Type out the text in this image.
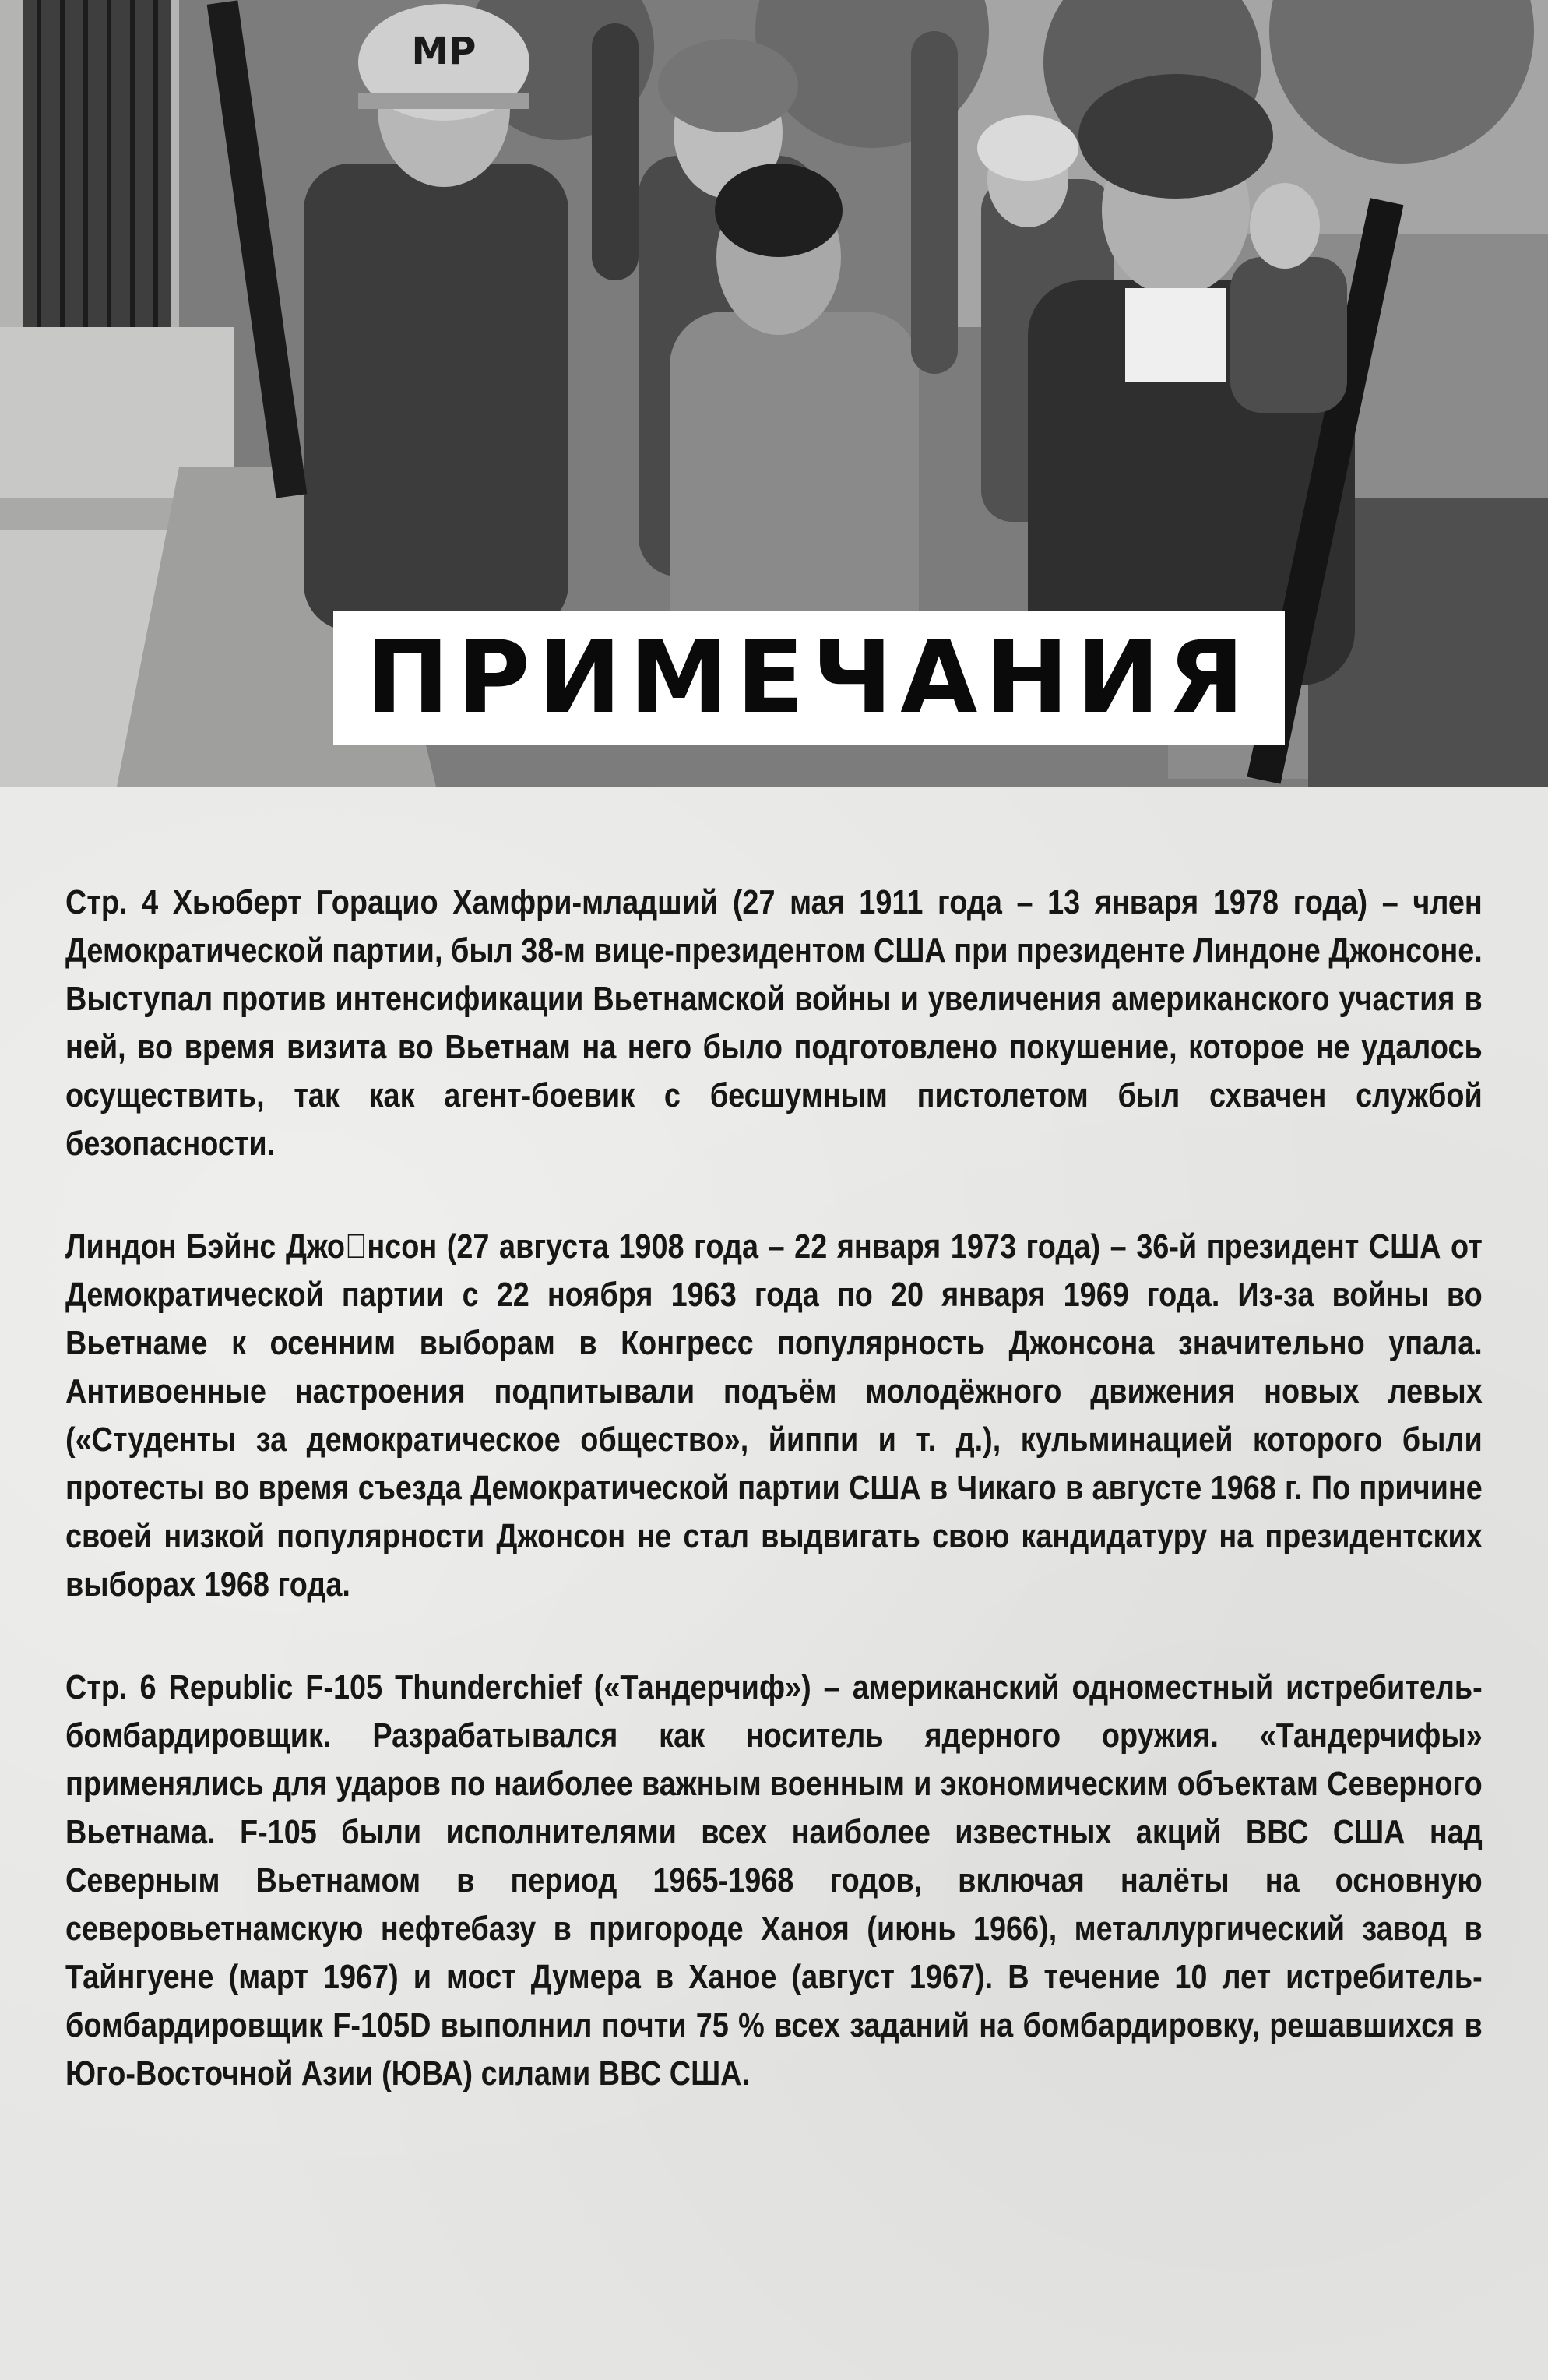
MP
ПРИМЕЧАНИЯ

Стр. 4 Хьюберт Горацио Хамфри-младший (27 мая 1911 года – 13 января 1978 года) – член Демократической партии, был 38-м вице-президентом США при президенте Линдоне Джонсоне. Выступал против интенсификации Вьетнамской войны и увеличения американского участия в ней, во время визита во Вьетнам на него было подготовлено покушение, которое не удалось осуществить, так как агент-боевик с бесшумным пистолетом был схвачен службой безопасности.

Линдон Бэйнс Джо нсон (27 августа 1908 года – 22 января 1973 года) – 36-й президент США от Демократической партии с 22 ноября 1963 года по 20 января 1969 года. Из-за войны во Вьетнаме к осенним выборам в Конгресс популярность Джонсона значительно упала. Антивоенные настроения подпитывали подъём молодёжного движения новых левых («Студенты за демократическое общество», йиппи и т. д.), кульминацией которого были протесты во время съезда Демократической партии США в Чикаго в августе 1968 г. По причине своей низкой популярности Джонсон не стал выдвигать свою кандидатуру на президентских выборах 1968 года.

Стр. 6 Republic F-105 Thunderchief («Тандерчиф») – американский одноместный истребитель-бомбардировщик. Разрабатывался как носитель ядерного оружия. «Тандерчифы» применялись для ударов по наиболее важным военным и экономическим объектам Северного Вьетнама. F-105 были исполнителями всех наиболее известных акций ВВС США над Северным Вьетнамом в период 1965-1968 годов, включая налёты на основную северовьетнамскую нефтебазу в пригороде Ханоя (июнь 1966), металлургический завод в Тайнгуене (март 1967) и мост Думера в Ханое (август 1967). В течение 10 лет истребитель-бомбардировщик F-105D выполнил почти 75 % всех заданий на бомбардировку, решавшихся в Юго-Восточной Азии (ЮВА) силами ВВС США.
